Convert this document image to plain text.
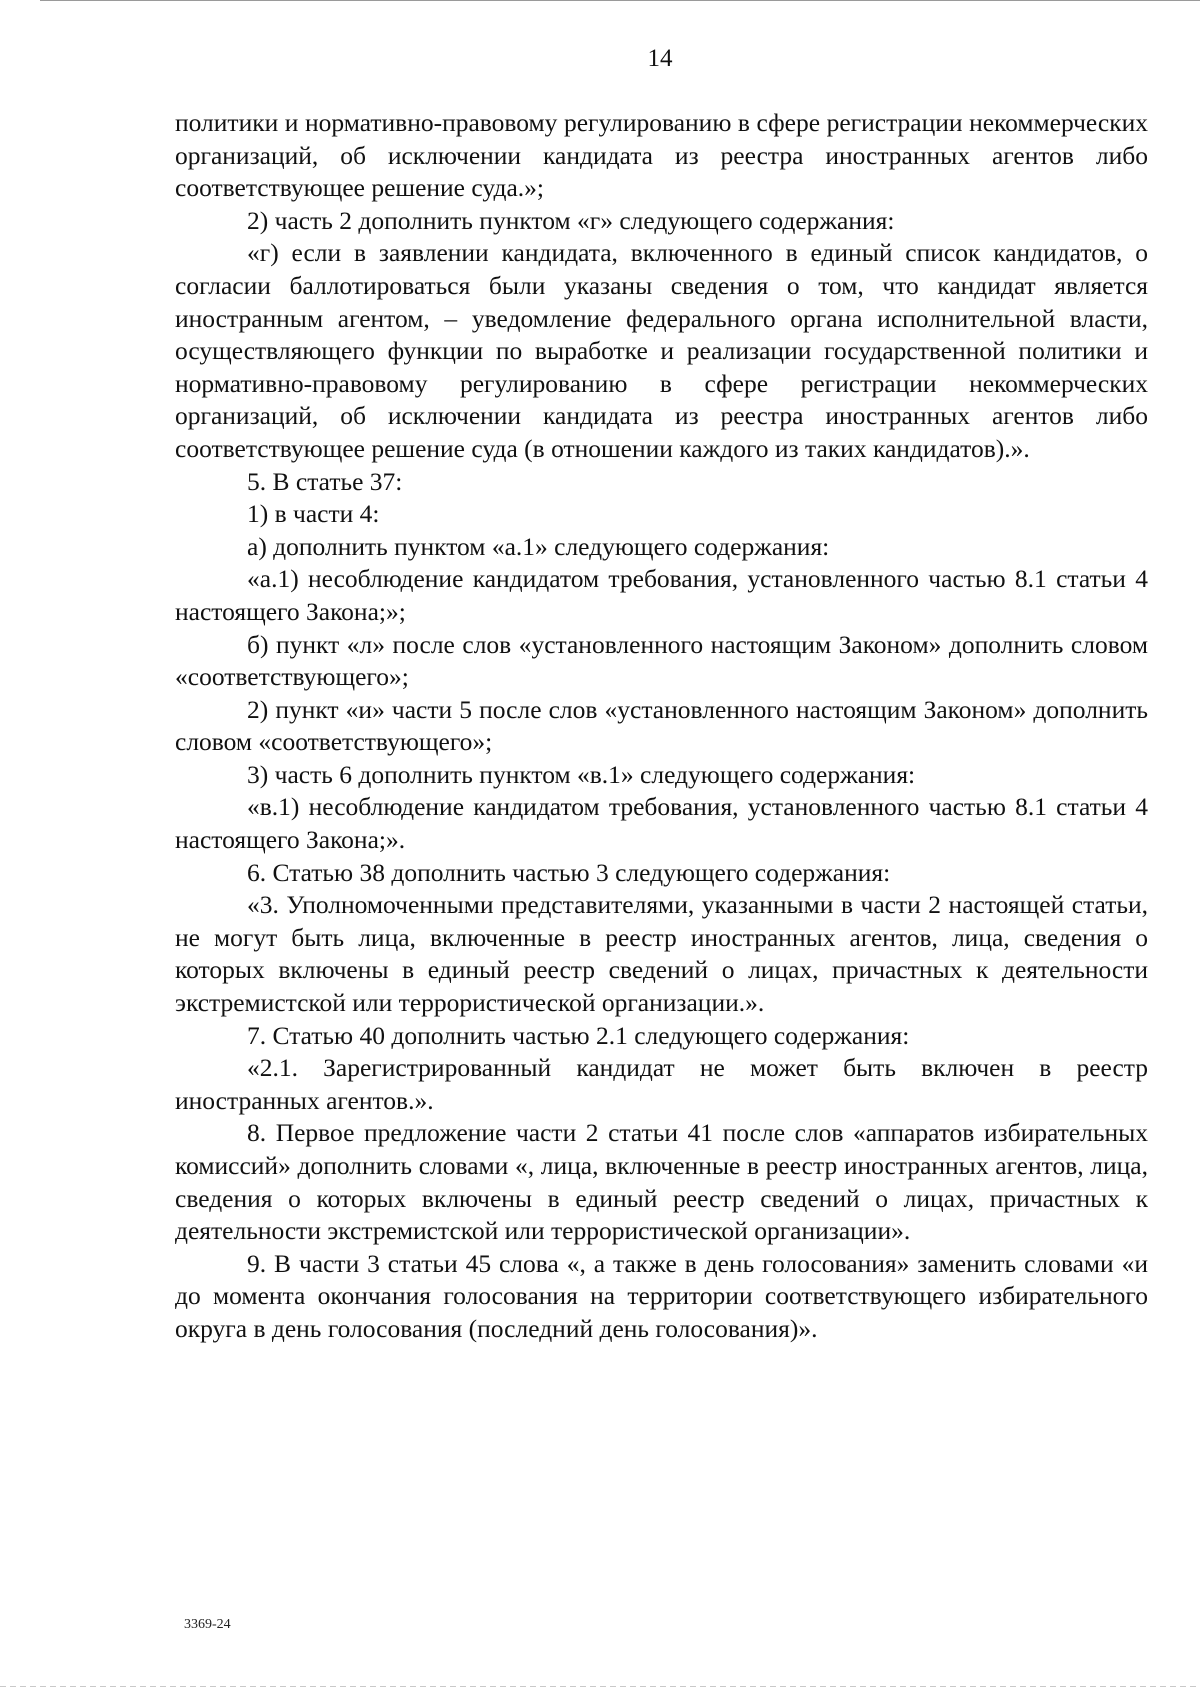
14

политики и нормативно-правовому регулированию в сфере регистрации некоммерческих организаций, об исключении кандидата из реестра иностранных агентов либо соответствующее решение суда.»;

2) часть 2 дополнить пунктом «г» следующего содержания:

«г) если в заявлении кандидата, включенного в единый список кандидатов, о согласии баллотироваться были указаны сведения о том, что кандидат является иностранным агентом, – уведомление федерального органа исполнительной власти, осуществляющего функции по выработке и реализации государственной политики и нормативно-правовому регулированию в сфере регистрации некоммерческих организаций, об исключении кандидата из реестра иностранных агентов либо соответствующее решение суда (в отношении каждого из таких кандидатов).».

5. В статье 37:

1) в части 4:

а) дополнить пунктом «а.1» следующего содержания:

«а.1) несоблюдение кандидатом требования, установленного частью 8.1 статьи 4 настоящего Закона;»;

б) пункт «л» после слов «установленного настоящим Законом» дополнить словом «соответствующего»;

2) пункт «и» части 5 после слов «установленного настоящим Законом» дополнить словом «соответствующего»;

3) часть 6 дополнить пунктом «в.1» следующего содержания:

«в.1) несоблюдение кандидатом требования, установленного частью 8.1 статьи 4 настоящего Закона;».

6. Статью 38 дополнить частью 3 следующего содержания:

«3. Уполномоченными представителями, указанными в части 2 настоящей статьи, не могут быть лица, включенные в реестр иностранных агентов, лица, сведения о которых включены в единый реестр сведений о лицах, причастных к деятельности экстремистской или террористической организации.».

7. Статью 40 дополнить частью 2.1 следующего содержания:

«2.1. Зарегистрированный кандидат не может быть включен в реестр иностранных агентов.».

8. Первое предложение части 2 статьи 41 после слов «аппаратов избирательных комиссий» дополнить словами «, лица, включенные в реестр иностранных агентов, лица, сведения о которых включены в единый реестр сведений о лицах, причастных к деятельности экстремистской или террористической организации».

9. В части 3 статьи 45 слова «, а также в день голосования» заменить словами «и до момента окончания голосования на территории соответствующего избирательного округа в день голосования (последний день голосования)».

3369-24
